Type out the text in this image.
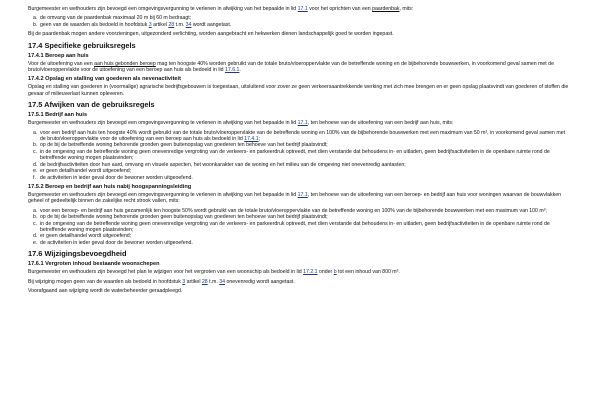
Burgemeester en wethouders zijn bevoegd een omgevingsvergunning te verlenen in afwijking van het bepaalde in lid 17.1 voor het oprichten van een paardenbak, mits:

a. de omvang van de paardenbak maximaal 20 m bij 60 m bedraagt;
b. geen van de waarden als bedoeld in hoofdstuk 3 artikel 28 t.m. 34 wordt aangetast.

Bij de paardenbak mogen andere voorzieningen, uitgezonderd verlichting, worden aangebracht en hekwerken dienen landschappelijk goed te worden ingepast.

17.4 Specifieke gebruiksregels
17.4.1 Beroep aan huis

Voor de uitoefening van een aan huis gebonden beroep mag ten hoogste 40% worden gebruikt van de totale bruto/vloeroppervlakte van de betreffende woning en de bijbehorende bouwwerken, in voorkomend geval samen met de bruto/vloeroppervlakte voor de uitoefening van een beroep aan huis als bedoeld in lid 17.6.1.

17.4.2 Opslag en stalling van goederen als nevenactiviteit

Opslag en stalling van goederen in (voormalige) agrarische bedrijfsgebouwen is toegestaan, uitsluitend voor zover ze geen verkeersaantrekkende werking met zich mee brengen en er geen opslag plaatsvindt van goederen of stoffen die gevaar of milieuverlast kunnen opleveren.

17.5 Afwijken van de gebruiksregels
17.5.1 Bedrijf aan huis

Burgemeester en wethouders zijn bevoegd een omgevingsvergunning te verlenen in afwijking van het bepaalde in lid 17.1, ten behoeve van de uitoefening van een bedrijf aan huis, mits:

a. voor een bedrijf aan huis ten hoogste 40% wordt gebruikt van de totale bruto/vloeroppervlakte van de betreffende woning en 100% van de bijbehorende bouwwerken met een maximum van 50 m², in voorkomend geval samen met de bruto/vloeroppervlakte voor de uitoefening van een beroep aan huis als bedoeld in lid 17.4.1;
b. op de bij de betreffende woning behorende gronden geen buitenopslag van goederen ten behoeve van het bedrijf plaatsvindt;
c. in de omgeving van de betreffende woning geen onevenredige vergroting van de verkeers- en parkeerdruk optreedt, met dien verstande dat behoudens in- en uitladen, geen bedrijfsactiviteiten in de openbare ruimte rond de betreffende woning mogen plaatsvinden;
d. de bedrijfsactiviteiten door hun aard, omvang en visuele aspecten, het woonkarakter van de woning en het milieu van de omgeving niet onevenredig aantasten;
e. er geen detailhandel wordt uitgeoefend;
f. de activiteiten in ieder geval door de bewoner worden uitgeoefend.
17.5.2 Beroep en bedrijf aan huis nabij hoogspanningsleiding

Burgemeester en wethouders zijn bevoegd een omgevingsvergunning te verlenen in afwijking van het bepaalde in lid 17.1, ten behoeve van de uitoefening van een beroep- en bedrijf aan huis voor woningen waarvan de bouwvlakken geheel of gedeeltelijk binnen de zakelijke recht strook vallen, mits:

a. voor een beroep- en bedrijf aan huis gezamenlijk ten hoogste 50% wordt gebruikt van de totale bruto/vloeroppervlakte van de betreffende woning en 100% van de bijbehorende bouwwerken met een maximum van 100 m²;
b. op de bij de betreffende woning behorende gronden geen buitenopslag van goederen ten behoeve van het bedrijf plaatsvindt;
c. in de omgeving van de betreffende woning geen onevenredige vergroting van de verkeers- en parkeerdruk optreedt, met dien verstande dat behoudens in- en uitladen, geen bedrijfsactiviteiten in de openbare ruimte rond de betreffende woning mogen plaatsvinden;
d. er geen detailhandel wordt uitgeoefend;
e. de activiteiten in ieder geval door de bewoner worden uitgeoefend.
17.6 Wijzigingsbevoegdheid
17.6.1 Vergroten inhoud bestaande woonschepen

Burgemeester en wethouders zijn bevoegd het plan te wijzigen voor het vergroten van een woonschip als bedoeld in lid 17.2.1 onder b tot een inhoud van 800 m³.

Bij wijziging mogen geen van de waarden als bedoeld in hoofdstuk 3 artikel 28 t.m. 34 onevenredig wordt aangetast.

Voorafgaand aan wijziging wordt de waterbeheerder geraadpleegd.
